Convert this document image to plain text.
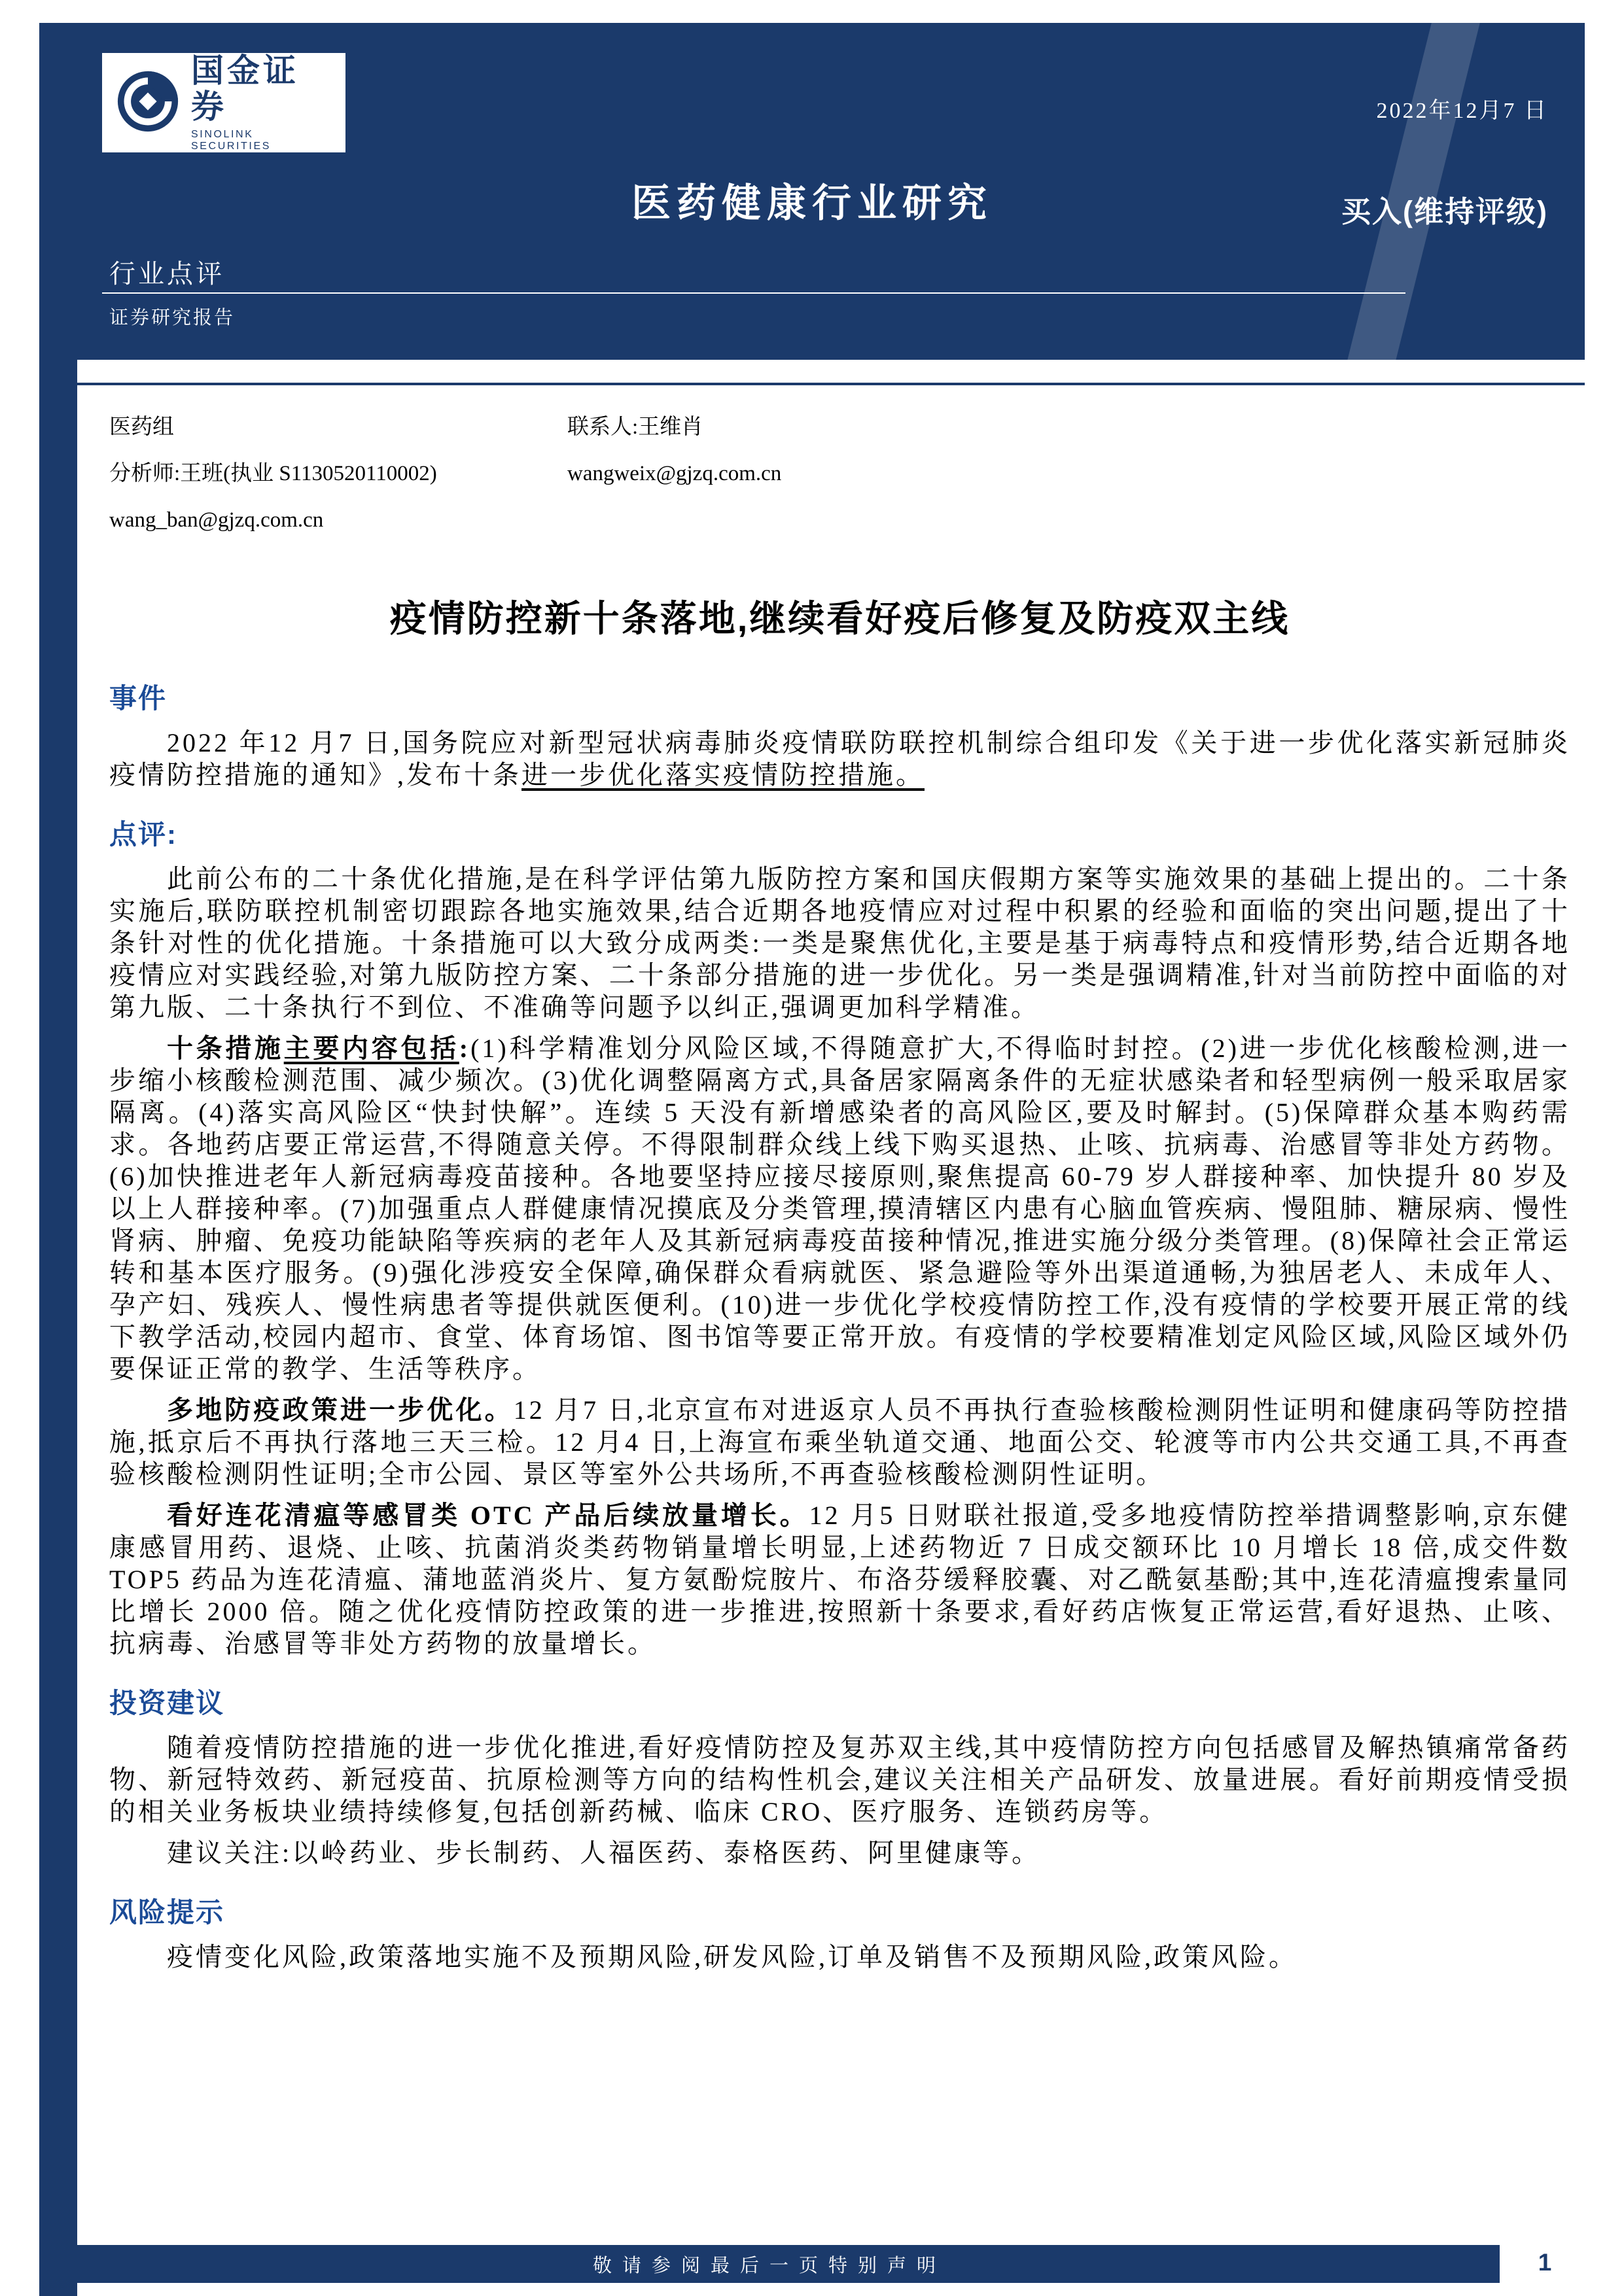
国金证券
SINOLINK SECURITIES
2022年12月7 日
医药健康行业研究	买入(维持评级)
行业点评
证券研究报告
医药组	联系人:王维肖
分析师:王班(执业 S1130520110002)	wangweix@gjzq.com.cn
wang_ban@gjzq.com.cn
疫情防控新十条落地,继续看好疫后修复及防疫双主线
事件

2022 年12 月7 日,国务院应对新型冠状病毒肺炎疫情联防联控机制综合组印发《关于进一步优化落实新冠肺炎疫情防控措施的通知》,发布十条进一步优化落实疫情防控措施。

点评:

此前公布的二十条优化措施,是在科学评估第九版防控方案和国庆假期方案等实施效果的基础上提出的。二十条实施后,联防联控机制密切跟踪各地实施效果,结合近期各地疫情应对过程中积累的经验和面临的突出问题,提出了十条针对性的优化措施。十条措施可以大致分成两类:一类是聚焦优化,主要是基于病毒特点和疫情形势,结合近期各地疫情应对实践经验,对第九版防控方案、二十条部分措施的进一步优化。另一类是强调精准,针对当前防控中面临的对第九版、二十条执行不到位、不准确等问题予以纠正,强调更加科学精准。

十条措施主要内容包括:(1)科学精准划分风险区域,不得随意扩大,不得临时封控。(2)进一步优化核酸检测,进一步缩小核酸检测范围、减少频次。(3)优化调整隔离方式,具备居家隔离条件的无症状感染者和轻型病例一般采取居家隔离。(4)落实高风险区“快封快解”。连续 5 天没有新增感染者的高风险区,要及时解封。(5)保障群众基本购药需求。各地药店要正常运营,不得随意关停。不得限制群众线上线下购买退热、止咳、抗病毒、治感冒等非处方药物。(6)加快推进老年人新冠病毒疫苗接种。各地要坚持应接尽接原则,聚焦提高 60-79 岁人群接种率、加快提升 80 岁及以上人群接种率。(7)加强重点人群健康情况摸底及分类管理,摸清辖区内患有心脑血管疾病、慢阻肺、糖尿病、慢性肾病、肿瘤、免疫功能缺陷等疾病的老年人及其新冠病毒疫苗接种情况,推进实施分级分类管理。(8)保障社会正常运转和基本医疗服务。(9)强化涉疫安全保障,确保群众看病就医、紧急避险等外出渠道通畅,为独居老人、未成年人、孕产妇、残疾人、慢性病患者等提供就医便利。(10)进一步优化学校疫情防控工作,没有疫情的学校要开展正常的线下教学活动,校园内超市、食堂、体育场馆、图书馆等要正常开放。有疫情的学校要精准划定风险区域,风险区域外仍要保证正常的教学、生活等秩序。

多地防疫政策进一步优化。12 月7 日,北京宣布对进返京人员不再执行查验核酸检测阴性证明和健康码等防控措施,抵京后不再执行落地三天三检。12 月4 日,上海宣布乘坐轨道交通、地面公交、轮渡等市内公共交通工具,不再查验核酸检测阴性证明;全市公园、景区等室外公共场所,不再查验核酸检测阴性证明。

看好连花清瘟等感冒类 OTC 产品后续放量增长。12 月5 日财联社报道,受多地疫情防控举措调整影响,京东健康感冒用药、退烧、止咳、抗菌消炎类药物销量增长明显,上述药物近 7 日成交额环比 10 月增长 18 倍,成交件数 TOP5 药品为连花清瘟、蒲地蓝消炎片、复方氨酚烷胺片、布洛芬缓释胶囊、对乙酰氨基酚;其中,连花清瘟搜索量同比增长 2000 倍。随之优化疫情防控政策的进一步推进,按照新十条要求,看好药店恢复正常运营,看好退热、止咳、抗病毒、治感冒等非处方药物的放量增长。

投资建议

随着疫情防控措施的进一步优化推进,看好疫情防控及复苏双主线,其中疫情防控方向包括感冒及解热镇痛常备药物、新冠特效药、新冠疫苗、抗原检测等方向的结构性机会,建议关注相关产品研发、放量进展。看好前期疫情受损的相关业务板块业绩持续修复,包括创新药械、临床 CRO、医疗服务、连锁药房等。

建议关注:以岭药业、步长制药、人福医药、泰格医药、阿里健康等。

风险提示

疫情变化风险,政策落地实施不及预期风险,研发风险,订单及销售不及预期风险,政策风险。

敬请参阅最后一页特别声明	1
